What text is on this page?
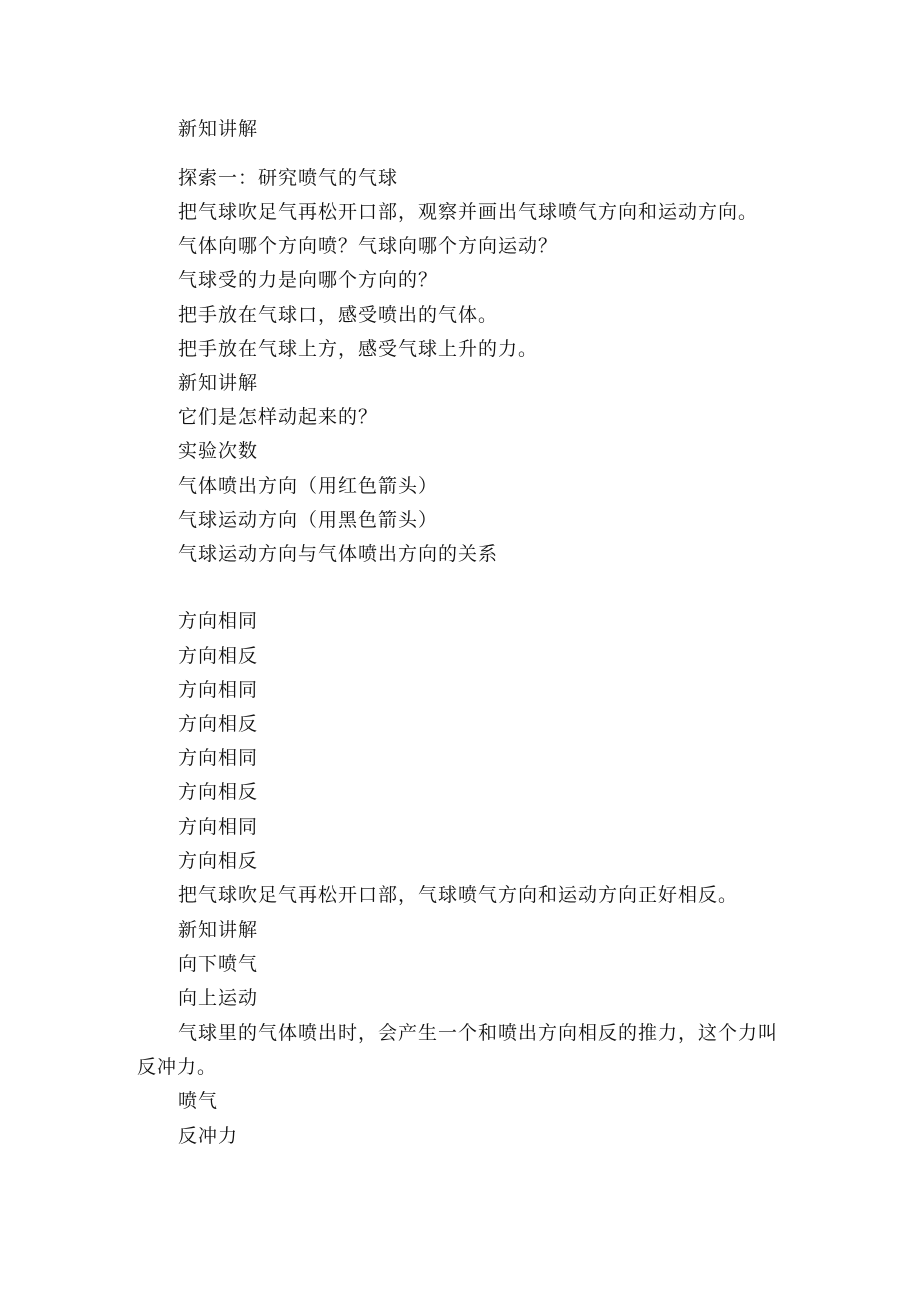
新知讲解
探索一：研究喷气的气球
把气球吹足气再松开口部，观察并画出气球喷气方向和运动方向。
气体向哪个方向喷？气球向哪个方向运动？
气球受的力是向哪个方向的？
把手放在气球口，感受喷出的气体。
把手放在气球上方，感受气球上升的力。
新知讲解
它们是怎样动起来的？
实验次数
气体喷出方向（用红色箭头）
气球运动方向（用黑色箭头）
气球运动方向与气体喷出方向的关系
方向相同
方向相反
方向相同
方向相反
方向相同
方向相反
方向相同
方向相反
把气球吹足气再松开口部，气球喷气方向和运动方向正好相反。
新知讲解
向下喷气
向上运动
气球里的气体喷出时，会产生一个和喷出方向相反的推力，这个力叫反冲力。
喷气
反冲力
